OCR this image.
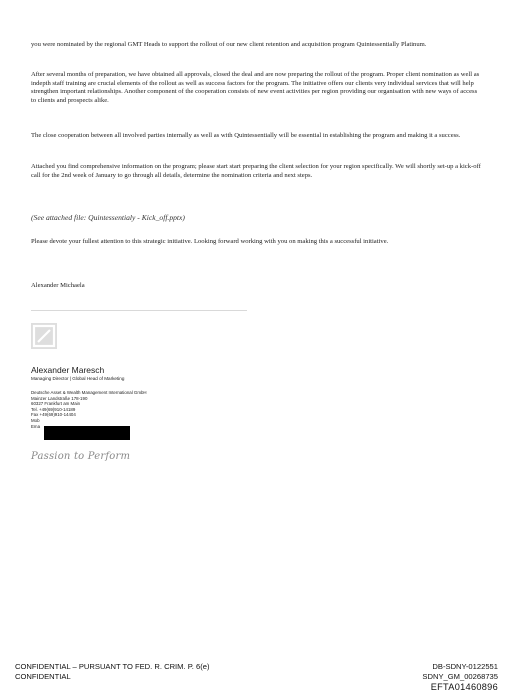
you were nominated by the regional GMT Heads to support the rollout of our new client retention and acquisition program Quintessentially Platinum.

After several months of preparation, we have obtained all approvals, closed the deal and are now preparing the rollout of the program. Proper client nomination as well as indepth staff training are crucial elements of the rollout as well as success factors for the program. The initiative offers our clients very individual services that will help strengthen important relationships. Another component of the cooperation consists of new event activities per region providing our organisation with new ways of access to clients and prospects alike.

The close cooperation between all involved parties internally as well as with Quintessentially will be essential in establishing the program and making it a success.

Attached you find comprehensive information on the program; please start start preparing the client selection for your region specifically. We will shortly set-up a kick-off call for the 2nd week of January to go through all details, determine the nomination criteria and next steps.

(See attached file: Quintessentialy - Kick_off.pptx)

Please devote your fullest attention to this strategic initiative. Looking forward working with you on making this a successful initiative.

Alexander Michaela

Alexander Maresch

Managing Director | Global Head of Marketing

Deutsche Asset & Wealth Management International GmbH
Mainzer Landstraße 178-190
60327 Frankfurt am Main
Tel. +49(69)910-14189
Fax +49(69)910-14404
Mob
Ema

Passion to Perform

CONFIDENTIAL – PURSUANT TO FED. R. CRIM. P. 6(e)
CONFIDENTIAL
DB-SDNY-0122551
SDNY_GM_00268735
EFTA01460896
